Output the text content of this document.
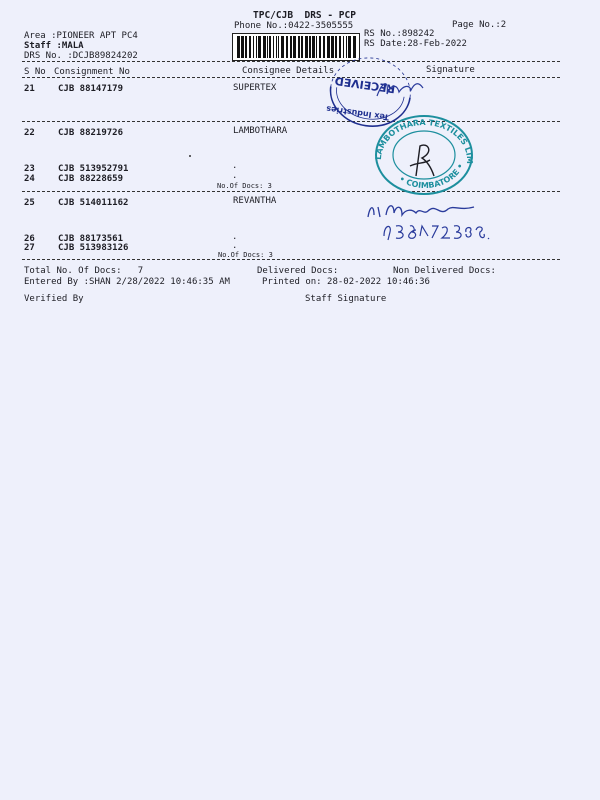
TPC/CJB  DRS - PCP
Phone No.:0422-3505555	Page No.:2
Area :PIONEER APT PC4
Staff :MALA
DRS No. :DCJB89824202
RS No.:898242
RS Date:28-Feb-2022
S No Consignment No	Consignee Details	Signature
21	CJB 88147179	SUPERTEX
22	CJB 88219726	LAMBOTHARA
23	CJB 513952791	.
24	CJB 88228659	.
No.Of Docs: 3
25	CJB 514011162	REVANTHA
26	CJB 88173561	.
27	CJB 513983126	.
No.Of Docs: 3
Total No. Of Docs:   7	Delivered Docs:	Non Delivered Docs:
Entered By :SHAN 2/28/2022 10:46:35 AM	Printed on: 28-02-2022 10:46:36
Verified By	Staff Signature
RECEIVED
Tex Industries
LAMBOTHARA TEXTILES LIM
• COIMBATORE •
